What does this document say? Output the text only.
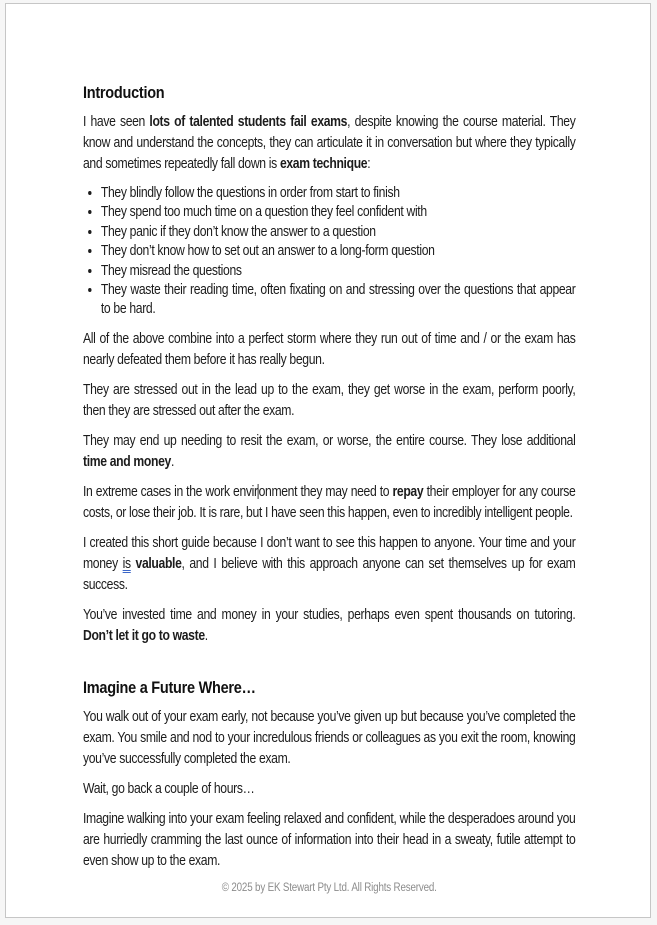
Introduction
I have seen lots of talented students fail exams, despite knowing the course material. They know and understand the concepts, they can articulate it in conversation but where they typically and sometimes repeatedly fall down is exam technique:
• They blindly follow the questions in order from start to finish
• They spend too much time on a question they feel confident with
• They panic if they don’t know the answer to a question
• They don’t know how to set out an answer to a long-form question
• They misread the questions
• They waste their reading time, often fixating on and stressing over the questions that appear to be hard.
All of the above combine into a perfect storm where they run out of time and / or the exam has nearly defeated them before it has really begun.
They are stressed out in the lead up to the exam, they get worse in the exam, perform poorly, then they are stressed out after the exam.
They may end up needing to resit the exam, or worse, the entire course. They lose additional time and money.
In extreme cases in the work environment they may need to repay their employer for any course costs, or lose their job. It is rare, but I have seen this happen, even to incredibly intelligent people.
I created this short guide because I don’t want to see this happen to anyone. Your time and your money is valuable, and I believe with this approach anyone can set themselves up for exam success.
You’ve invested time and money in your studies, perhaps even spent thousands on tutoring. Don’t let it go to waste.
Imagine a Future Where…
You walk out of your exam early, not because you’ve given up but because you’ve completed the exam. You smile and nod to your incredulous friends or colleagues as you exit the room, knowing you’ve successfully completed the exam.
Wait, go back a couple of hours…
Imagine walking into your exam feeling relaxed and confident, while the desperadoes around you are hurriedly cramming the last ounce of information into their head in a sweaty, futile attempt to even show up to the exam.
© 2025 by EK Stewart Pty Ltd. All Rights Reserved.
